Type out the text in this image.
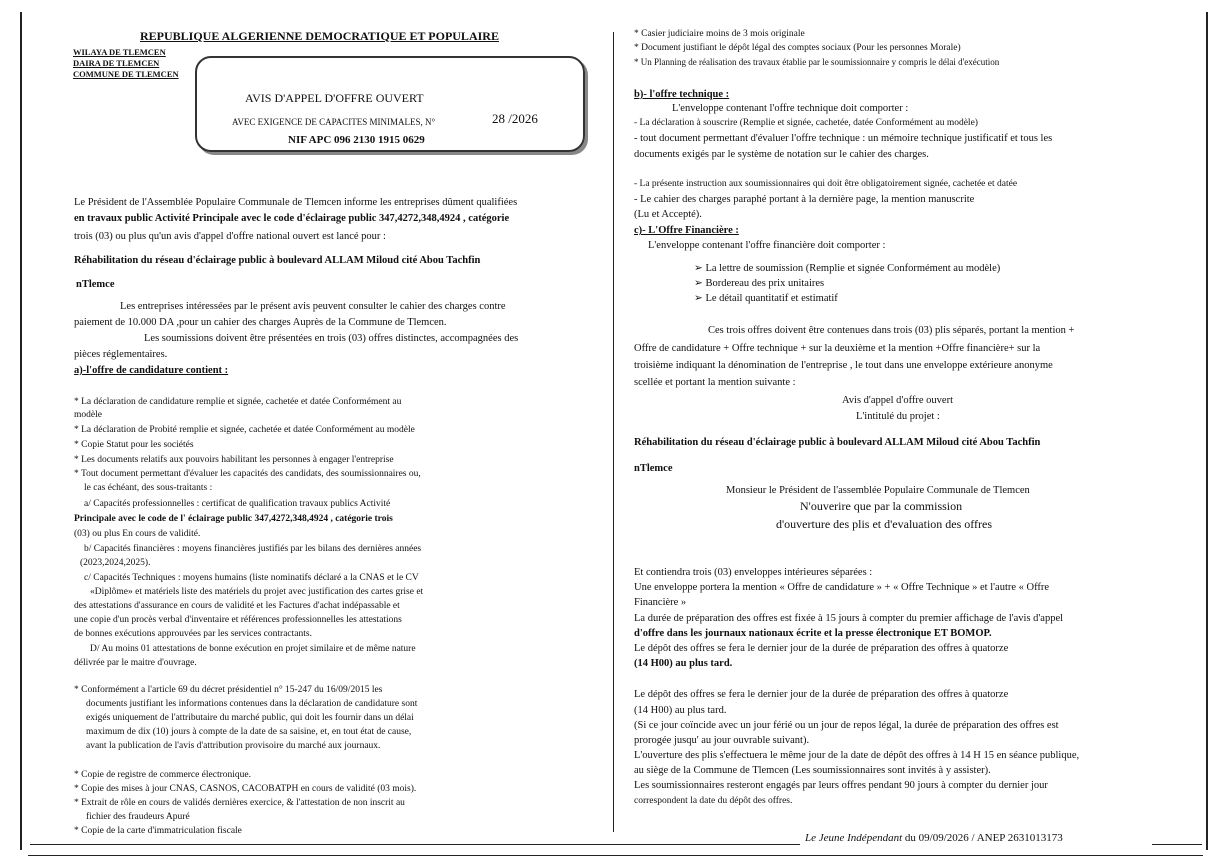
REPUBLIQUE ALGERIENNE DEMOCRATIQUE ET POPULAIRE
WILAYA DE TLEMCEN
DAIRA DE TLEMCEN
COMMUNE DE TLEMCEN
AVIS D'APPEL D'OFFRE OUVERT
AVEC EXIGENCE DE CAPACITES MINIMALES, N°	28 /2026
NIF APC 096 2130 1915 0629
Le Président de l'Assemblée Populaire Communale de Tlemcen informe les entreprises dûment qualifiées
en travaux public Activité Principale avec le code d'éclairage public 347,4272,348,4924 , catégorie
trois (03) ou plus qu'un avis d'appel d'offre national ouvert est lancé pour :
Réhabilitation du réseau d'éclairage public à boulevard ALLAM Miloud cité Abou Tachfin
nTlemce
Les entreprises intéressées par le présent avis peuvent consulter le cahier des charges contre
paiement de 10.000 DA ,pour un cahier des charges Auprès de la Commune de Tlemcen.
Les soumissions doivent être présentées en trois (03) offres distinctes, accompagnées des
pièces réglementaires.
a)-l'offre de candidature contient :
* La déclaration de candidature remplie et signée, cachetée et datée Conformément au
modèle
* La déclaration de Probité remplie et signée, cachetée et datée Conformément au modèle
* Copie Statut pour les sociétés
* Les documents relatifs aux pouvoirs habilitant les personnes à engager l'entreprise
* Tout document permettant d'évaluer les capacités des candidats, des soumissionnaires ou,
le cas échéant, des sous-traitants :
a/ Capacités professionnelles : certificat de qualification travaux publics Activité
Principale avec le code de l' éclairage public 347,4272,348,4924 , catégorie trois
(03) ou plus En cours de validité.
b/ Capacités financières : moyens financières justifiés par les bilans des dernières années
(2023,2024,2025).
c/ Capacités Techniques : moyens humains (liste nominatifs déclaré a la CNAS et le CV
«Diplôme» et matériels liste des matériels du projet avec justification des cartes grise et
des attestations d'assurance en cours de validité et les Factures d'achat indépassable et
une copie d'un procès verbal d'inventaire et références professionnelles les attestations
de bonnes exécutions approuvées par les services contractants.
D/ Au moins 01 attestations de bonne exécution en projet similaire et de même nature
délivrée par le maitre d'ouvrage.
* Conformément a l'article 69 du décret présidentiel n° 15-247 du 16/09/2015 les
documents justifiant les informations contenues dans la déclaration de candidature sont
exigés uniquement de l'attributaire du marché public, qui doit les fournir dans un délai
maximum de dix (10) jours à compte de la date de sa saisine, et, en tout état de cause,
avant la publication de l'avis d'attribution provisoire du marché aux journaux.
* Copie de registre de commerce électronique.
* Copie des mises à jour CNAS, CASNOS, CACOBATPH en cours de validité (03 mois).
* Extrait de rôle en cours de validés dernières exercice, & l'attestation de non inscrit au
fichier des fraudeurs Apuré
* Copie de la carte d'immatriculation fiscale
* Casier judiciaire moins de 3 mois originale
* Document justifiant le dépôt légal des comptes sociaux (Pour les personnes Morale)
* Un Planning de réalisation des travaux établie par le soumissionnaire y compris le délai d'exécution
b)- l'offre technique :
L'enveloppe contenant l'offre technique doit comporter :
- La déclaration à souscrire (Remplie et signée, cachetée, datée Conformément au modèle)
- tout document permettant d'évaluer l'offre technique : un mémoire technique justificatif et tous les
documents exigés par le système de notation sur le cahier des charges.
- La présente instruction aux soumissionnaires qui doit être obligatoirement signée, cachetée et datée
- Le cahier des charges paraphé portant à la dernière page, la mention manuscrite
(Lu et Accepté).
c)- L'Offre Financière :
L'enveloppe contenant l'offre financière doit comporter :
➢ La lettre de soumission (Remplie et signée Conformément au modèle)
➢ Bordereau des prix unitaires
➢ Le détail quantitatif et estimatif
Ces trois offres doivent être contenues dans trois (03) plis séparés, portant la mention +
Offre de candidature + Offre technique + sur la deuxième et la mention +Offre financière+ sur la
troisième indiquant la dénomination de l'entreprise , le tout dans une enveloppe extérieure anonyme
scellée et portant la mention suivante :
Avis d'appel d'offre ouvert
L'intitulé du projet :
Réhabilitation du réseau d'éclairage public à boulevard ALLAM Miloud cité Abou Tachfin
nTlemce
Monsieur le Président de l'assemblée Populaire Communale de Tlemcen
N'ouverire que par la commission
d'ouverture des plis et d'evaluation des offres
Et contiendra trois (03) enveloppes intérieures séparées :
Une enveloppe portera la mention « Offre de candidature » + « Offre Technique » et l'autre « Offre
Financière »
La durée de préparation des offres est fixée à 15 jours à compter du premier affichage de l'avis d'appel
d'offre dans les journaux nationaux écrite et la presse électronique ET BOMOP.
Le dépôt des offres se fera le dernier jour de la durée de préparation des offres à quatorze
(14 H00) au plus tard.
Le dépôt des offres se fera le dernier jour de la durée de préparation des offres à quatorze
(14 H00) au plus tard.
(Si ce jour coïncide avec un jour férié ou un jour de repos légal, la durée de préparation des offres est
prorogée jusqu' au jour ouvrable suivant).
L'ouverture des plis s'effectuera le même jour de la date de dépôt des offres à 14 H 15 en séance publique,
au siège de la Commune de Tlemcen (Les soumissionnaires sont invités à y assister).
Les soumissionnaires resteront engagés par leurs offres pendant 90 jours à compter du dernier jour
correspondent la date du dépôt des offres.
Le Jeune Indépendant du 09/09/2026 / ANEP 2631013173
